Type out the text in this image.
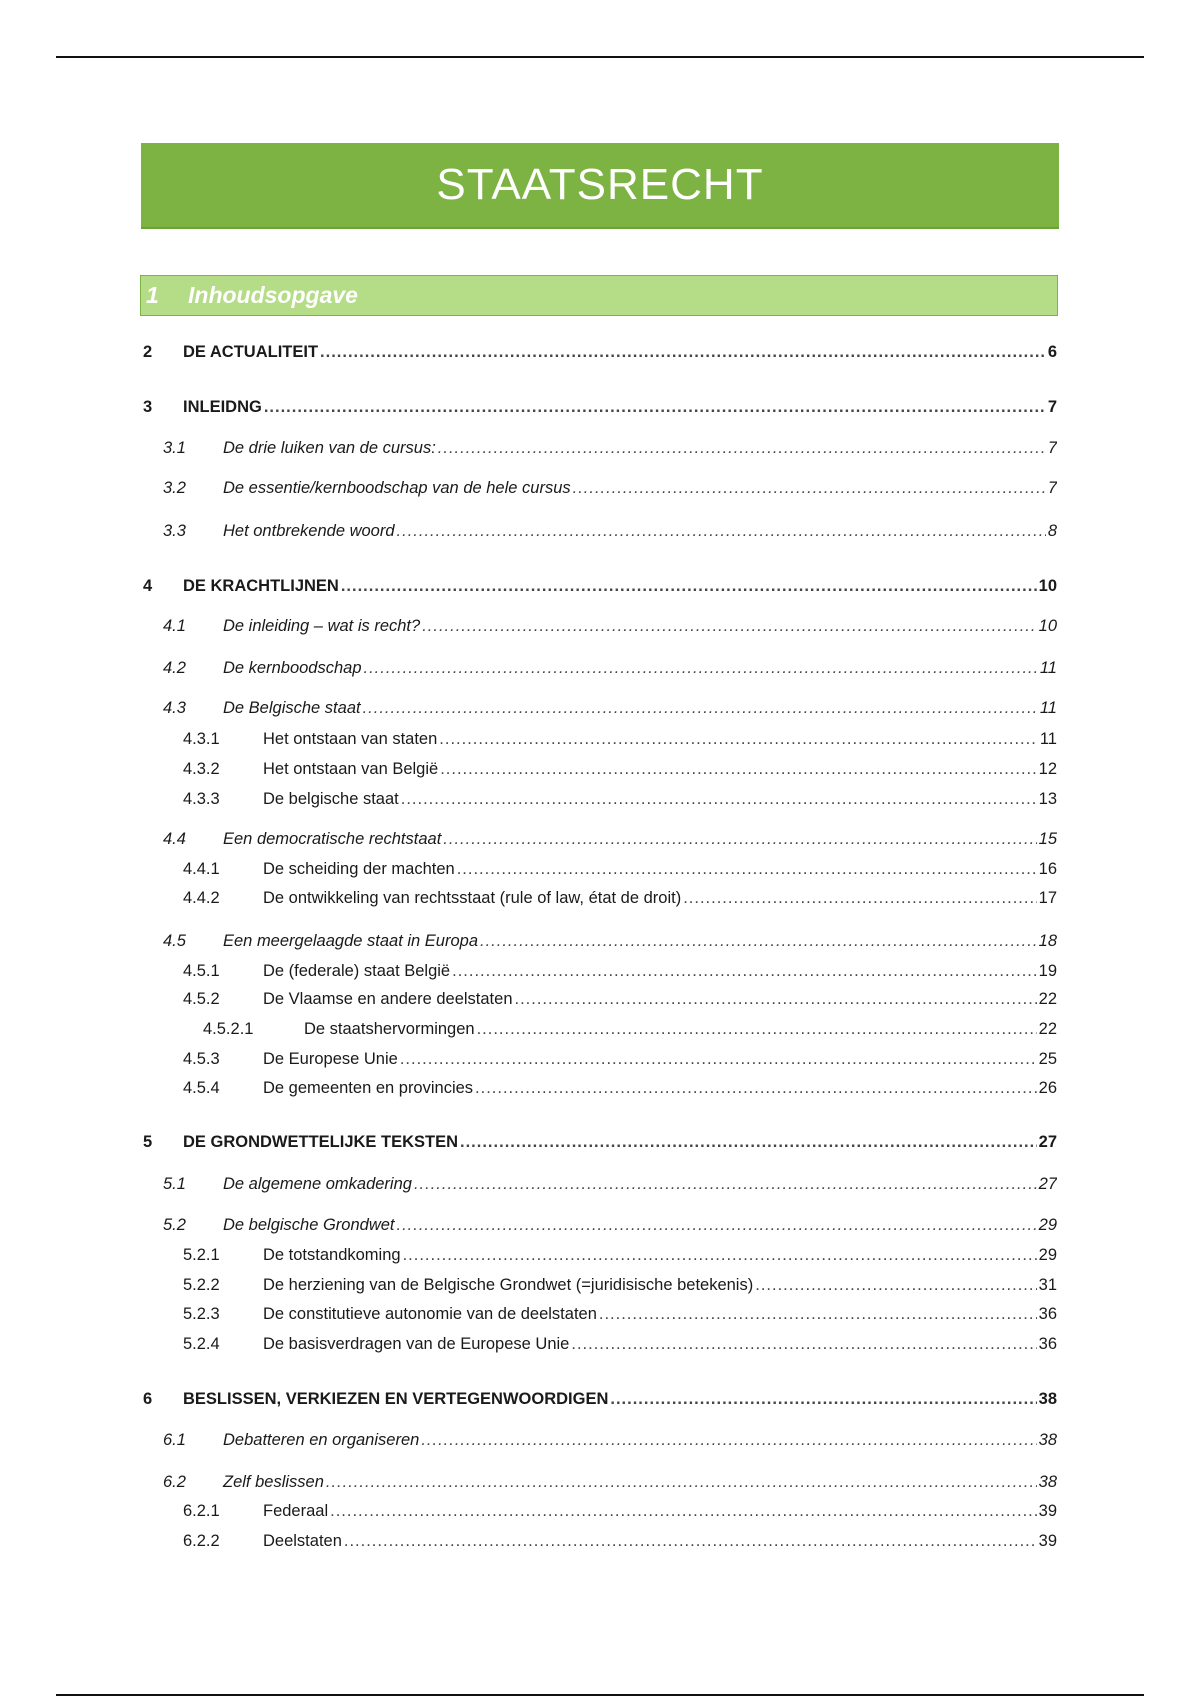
STAATSRECHT
1	Inhoudsopgave
2	DE ACTUALITEIT .....	6
3	INLEIDNG .....	7
3.1	De drie luiken van de cursus: .....	7
3.2	De essentie/kernboodschap van de hele cursus .....	7
3.3	Het ontbrekende woord .....	8
4	DE KRACHTLIJNEN .....	10
4.1	De inleiding – wat is recht? .....	10
4.2	De kernboodschap .....	11
4.3	De Belgische staat .....	11
4.3.1	Het ontstaan van staten .....	11
4.3.2	Het ontstaan van België .....	12
4.3.3	De belgische staat .....	13
4.4	Een democratische rechtstaat .....	15
4.4.1	De scheiding der machten .....	16
4.4.2	De ontwikkeling van rechtsstaat (rule of law, état de droit) .....	17
4.5	Een meergelaagde staat in Europa .....	18
4.5.1	De (federale) staat België .....	19
4.5.2	De Vlaamse en andere deelstaten .....	22
4.5.2.1	De staatshervormingen .....	22
4.5.3	De Europese Unie .....	25
4.5.4	De gemeenten en provincies .....	26
5	DE GRONDWETTELIJKE TEKSTEN .....	27
5.1	De algemene omkadering .....	27
5.2	De belgische Grondwet .....	29
5.2.1	De totstandkoming .....	29
5.2.2	De herziening van de Belgische Grondwet (=juridisische betekenis) .....	31
5.2.3	De constitutieve autonomie van de deelstaten .....	36
5.2.4	De basisverdragen van de Europese Unie .....	36
6	BESLISSEN, VERKIEZEN EN VERTEGENWOORDIGEN .....	38
6.1	Debatteren en organiseren .....	38
6.2	Zelf beslissen .....	38
6.2.1	Federaal .....	39
6.2.2	Deelstaten .....	39
